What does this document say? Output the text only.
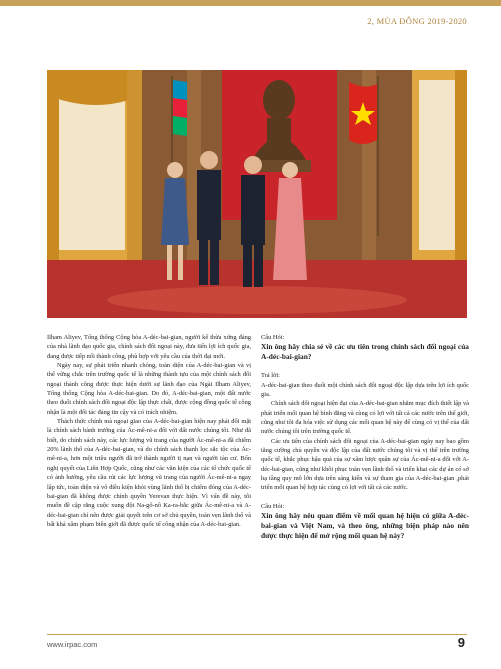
2, MÙA ĐÔNG 2019-2020

Ilham Aliyev, Tổng thống Cộng hòa A-déc-bai-gian, người kế thừa xứng đáng của nhà lãnh đạo quốc gia, chính sách đối ngoại này, đưa tiến lợi ích quốc gia, đang được tiếp nối thành công, phù hợp với yêu cầu của thời đại mới.

Ngày nay, sự phát triển nhanh chóng, toàn diện của A-déc-bai-gian và vị thế vững chắc trên trường quốc tế là những thành tựu của một chính sách đối ngoại thành công được thực hiện dưới sự lãnh đạo của Ngài Ilham Aliyev, Tổng thống Cộng hòa A-déc-bai-gian. Do đó, A-déc-bai-gian, một đất nước theo đuổi chính sách đối ngoại độc lập thực chất, được cộng đồng quốc tế công nhận là một đối tác đáng tin cậy và có trách nhiệm.

Thách thức chính mà ngoại giao của A-déc-bai-gian hiện nay phải đối mặt là chính sách bành trướng của Ác-mê-ni-a đối với đất nước chúng tôi. Như đã biết, do chính sách này, các lực lượng vũ trang của người Ác-mê-ni-a đã chiếm 20% lãnh thổ của A-déc-bai-gian, và do chính sách thanh lọc sắc tộc của Ác-mê-ni-a, hơn một triệu người đã trở thành người tị nạn và người tản cư. Bốn nghị quyết của Liên Hợp Quốc, cũng như các văn kiện của các tổ chức quốc tế có ảnh hưởng, yêu cầu rút các lực lượng vũ trang của người Ác-mê-ni-a ngay lập tức, toàn diện và vô điều kiện khỏi vùng lãnh thổ bị chiếm đóng của A-déc-bai-gian đã không được chính quyền Yerevan thực hiện. Vì vấn đề này, tôi muốn đề cập rằng cuộc xung đột Na-gô-nô Ka-ra-bắc giữa Ác-mê-ni-a và A-déc-bai-gian chỉ nên được giải quyết trên cơ sở chủ quyền, toàn vẹn lãnh thổ và bất khả xâm phạm biên giới đã được quốc tế công nhận của A-déc-bai-gian.

Câu Hỏi:

Xin ông hãy chia sẻ về các ưu tiên trong chính sách đối ngoại của A-déc-bai-gian?

Trả lời:

A-déc-bai-gian theo đuổi một chính sách đối ngoại độc lập dựa trên lợi ích quốc gia.

Chính sách đối ngoại hiện đại của A-déc-bai-gian nhằm mục đích thiết lập và phát triển mối quan hệ bình đẳng và cùng có lợi với tất cả các nước trên thế giới, cũng như tôi đa hóa việc sử dụng các mối quan hệ này để cùng có vị thế của đất nước chúng tôi trên trường quốc tế.

Các ưu tiên của chính sách đối ngoại của A-déc-bai-gian ngày nay bao gồm tăng cường chủ quyền và độc lập của đất nước chúng tôi và vị thế trên trường quốc tế, khắc phục hậu quả của sự xâm lược quân sự của Ác-mê-ni-a đối với A-déc-bai-gian, cũng như khôi phục toàn vẹn lãnh thổ và triển khai các dự án có sở hạ tầng quy mô lớn dựa trên sáng kiến và sự tham gia của A-déc-bai-gian ,phát triển mối quan hệ hợp tác cùng có lợi với tất cả các nước.

Câu Hỏi:

Xin ông hãy nêu quan điểm về mối quan hệ hiện có giữa A-déc-bai-gian và Việt Nam, và theo ông, những biện pháp nào nên được thực hiện để mở rộng mối quan hệ này?

www.irpac.com	9
